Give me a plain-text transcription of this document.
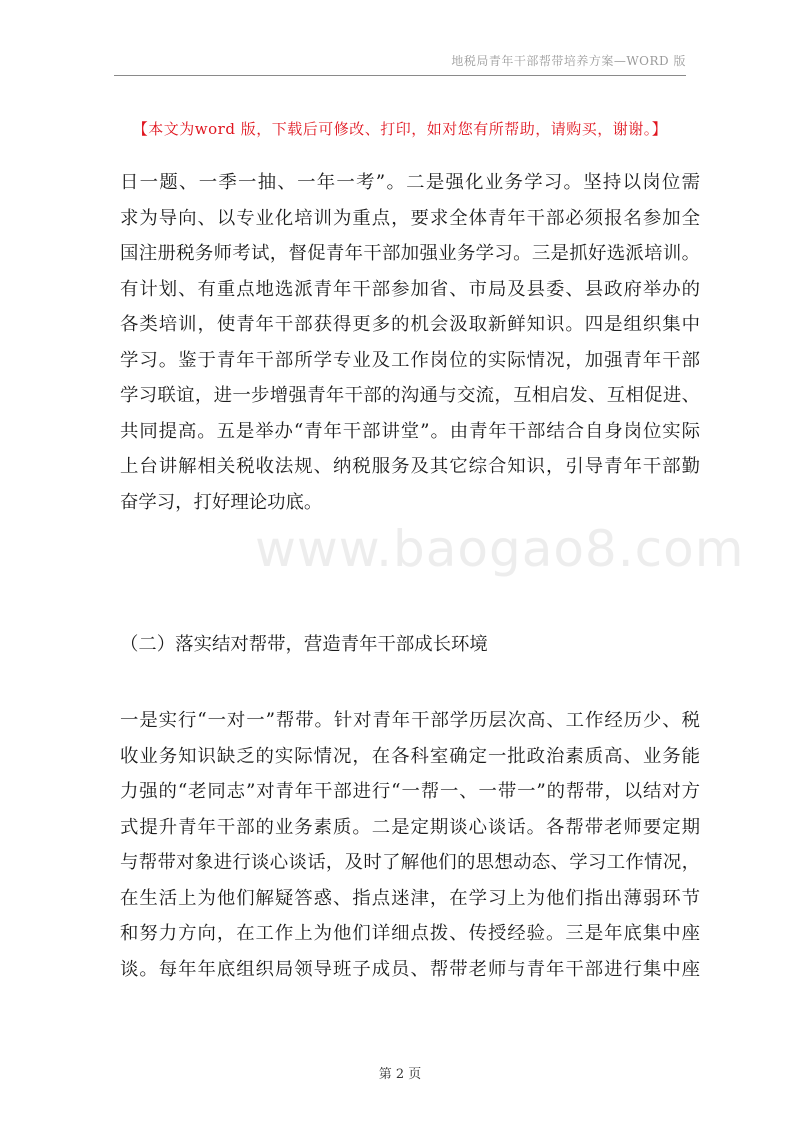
地税局青年干部帮带培养方案—WORD 版
【本文为word 版，下载后可修改、打印，如对您有所帮助，请购买，谢谢。】
日一题、一季一抽、一年一考”。二是强化业务学习。坚持以岗位需
求为导向、以专业化培训为重点，要求全体青年干部必须报名参加全
国注册税务师考试，督促青年干部加强业务学习。三是抓好选派培训。
有计划、有重点地选派青年干部参加省、市局及县委、县政府举办的
各类培训，使青年干部获得更多的机会汲取新鲜知识。四是组织集中
学习。鉴于青年干部所学专业及工作岗位的实际情况，加强青年干部
学习联谊，进一步增强青年干部的沟通与交流，互相启发、互相促进、
共同提高。五是举办“青年干部讲堂”。由青年干部结合自身岗位实际
上台讲解相关税收法规、纳税服务及其它综合知识，引导青年干部勤
奋学习，打好理论功底。
（二）落实结对帮带，营造青年干部成长环境
一是实行“一对一”帮带。针对青年干部学历层次高、工作经历少、税
收业务知识缺乏的实际情况，在各科室确定一批政治素质高、业务能
力强的“老同志”对青年干部进行“一帮一、一带一”的帮带，以结对方
式提升青年干部的业务素质。二是定期谈心谈话。各帮带老师要定期
与帮带对象进行谈心谈话，及时了解他们的思想动态、学习工作情况，
在生活上为他们解疑答惑、指点迷津，在学习上为他们指出薄弱环节
和努力方向，在工作上为他们详细点拨、传授经验。三是年底集中座
谈。每年年底组织局领导班子成员、帮带老师与青年干部进行集中座
www.baogao8.com
第 2 页
